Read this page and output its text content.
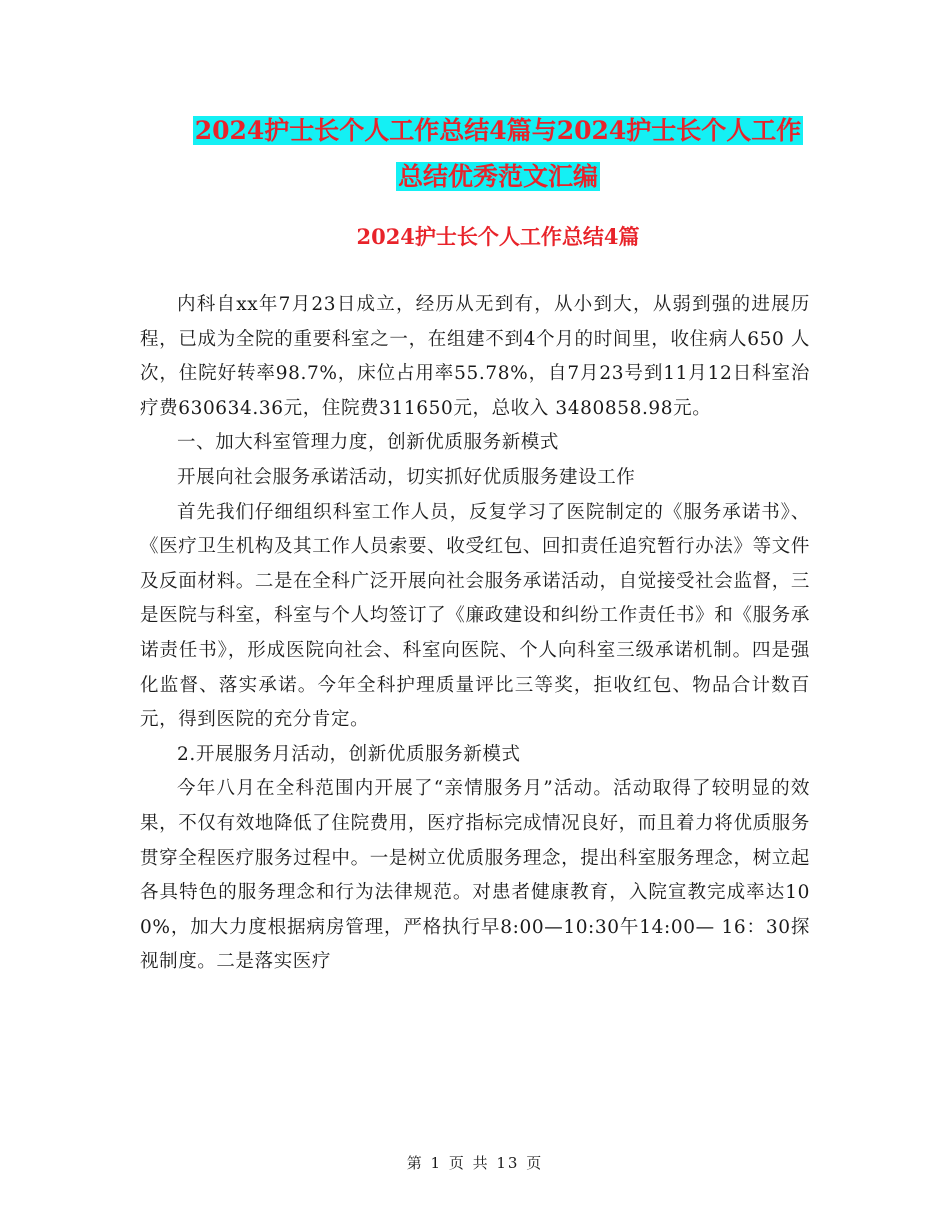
2024护士长个人工作总结4篇与2024护士长个人工作
总结优秀范文汇编
2024护士长个人工作总结4篇

内科自xx年7月23日成立，经历从无到有，从小到大，从弱到强的进展历程，已成为全院的重要科室之一，在组建不到4个月的时间里，收住病人650 人次，住院好转率98.7%，床位占用率55.78%，自7月23号到11月12日科室治疗费630634.36元，住院费311650元，总收入 3480858.98元。

一、加大科室管理力度，创新优质服务新模式

开展向社会服务承诺活动，切实抓好优质服务建设工作

首先我们仔细组织科室工作人员，反复学习了医院制定的《服务承诺书》、《医疗卫生机构及其工作人员索要、收受红包、回扣责任追究暂行办法》等文件及反面材料。二是在全科广泛开展向社会服务承诺活动，自觉接受社会监督，三是医院与科室，科室与个人均签订了《廉政建设和纠纷工作责任书》和《服务承诺责任书》，形成医院向社会、科室向医院、个人向科室三级承诺机制。四是强化监督、落实承诺。今年全科护理质量评比三等奖，拒收红包、物品合计数百元，得到医院的充分肯定。

2.开展服务月活动，创新优质服务新模式

今年八月在全科范围内开展了“亲情服务月”活动。活动取得了较明显的效果，不仅有效地降低了住院费用，医疗指标完成情况良好，而且着力将优质服务贯穿全程医疗服务过程中。一是树立优质服务理念，提出科室服务理念，树立起各具特色的服务理念和行为法律规范。对患者健康教育，入院宣教完成率达100%，加大力度根据病房管理，严格执行早8:00—10:30午14:00— 16：30探视制度。二是落实医疗

第 1 页 共 13 页
